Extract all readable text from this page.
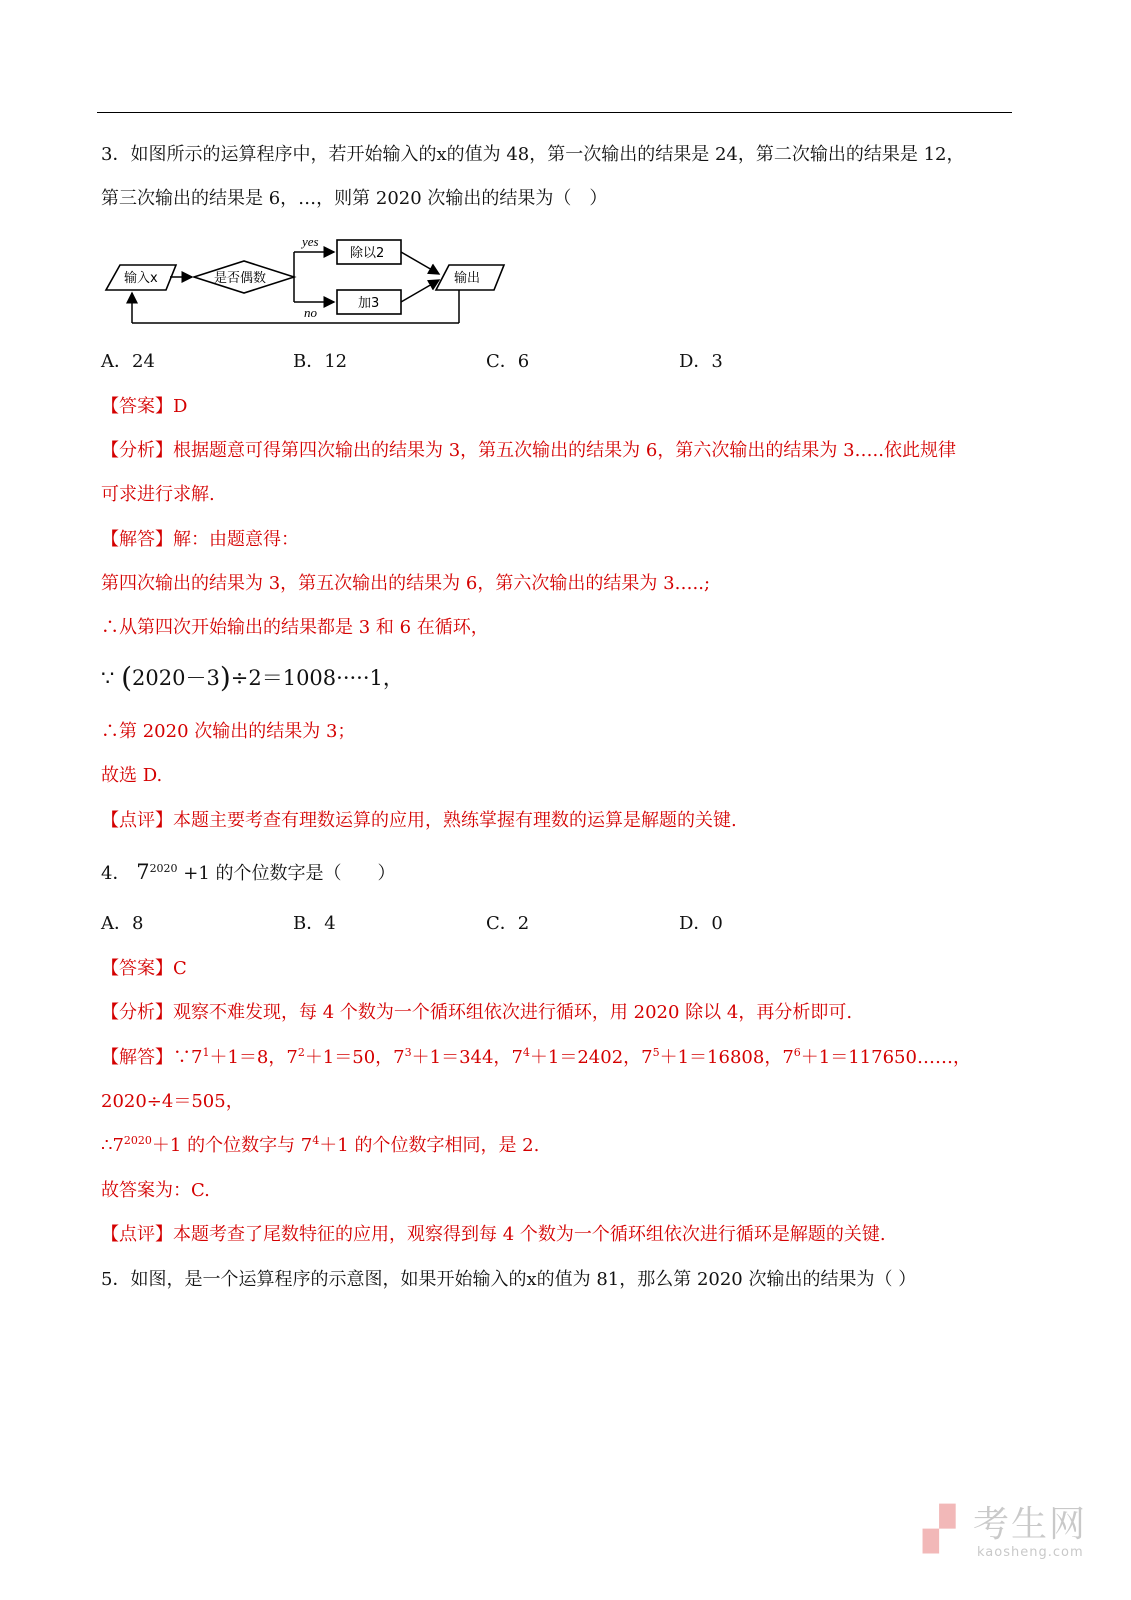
3．如图所示的运算程序中，若开始输入的x的值为 48，第一次输出的结果是 24，第二次输出的结果是 12，
第三次输出的结果是 6，…，则第 2020 次输出的结果为（　）
输入x	是否偶数
yes
no
除以2
加3
输出
A．24	B．12	C．6	D．3
【答案】D
【分析】根据题意可得第四次输出的结果为 3，第五次输出的结果为 6，第六次输出的结果为 3…..依此规律
可求进行求解.
【解答】解：由题意得：
第四次输出的结果为 3，第五次输出的结果为 6，第六次输出的结果为 3…..;
∴从第四次开始输出的结果都是 3 和 6 在循环，
∵ (2020－3)÷2＝1008·····1，
∴第 2020 次输出的结果为 3；
故选 D.
【点评】本题主要考查有理数运算的应用，熟练掌握有理数的运算是解题的关键.
4． $7^{2020} +1$ 的个位数字是（　　）
A．8	B．4	C．2	D．0
【答案】C
【分析】观察不难发现，每 4 个数为一个循环组依次进行循环，用 2020 除以 4，再分析即可.
【解答】$\because 7^1+1=8$，$7^2+1=50$，$7^3+1=344$，$7^4+1=2402$，$7^5+1=16808$，$7^6+1=117650\dots\dots$，
2020÷4＝505，
$\therefore 7^{2020}+1$ 的个位数字与 $7^4+1$ 的个位数字相同，是 2.
故答案为：C.
【点评】本题考查了尾数特征的应用，观察得到每 4 个数为一个循环组依次进行循环是解题的关键.
5．如图，是一个运算程序的示意图，如果开始输入的x的值为 81，那么第 2020 次输出的结果为（ ）
▞ 考生网
kaosheng.com
